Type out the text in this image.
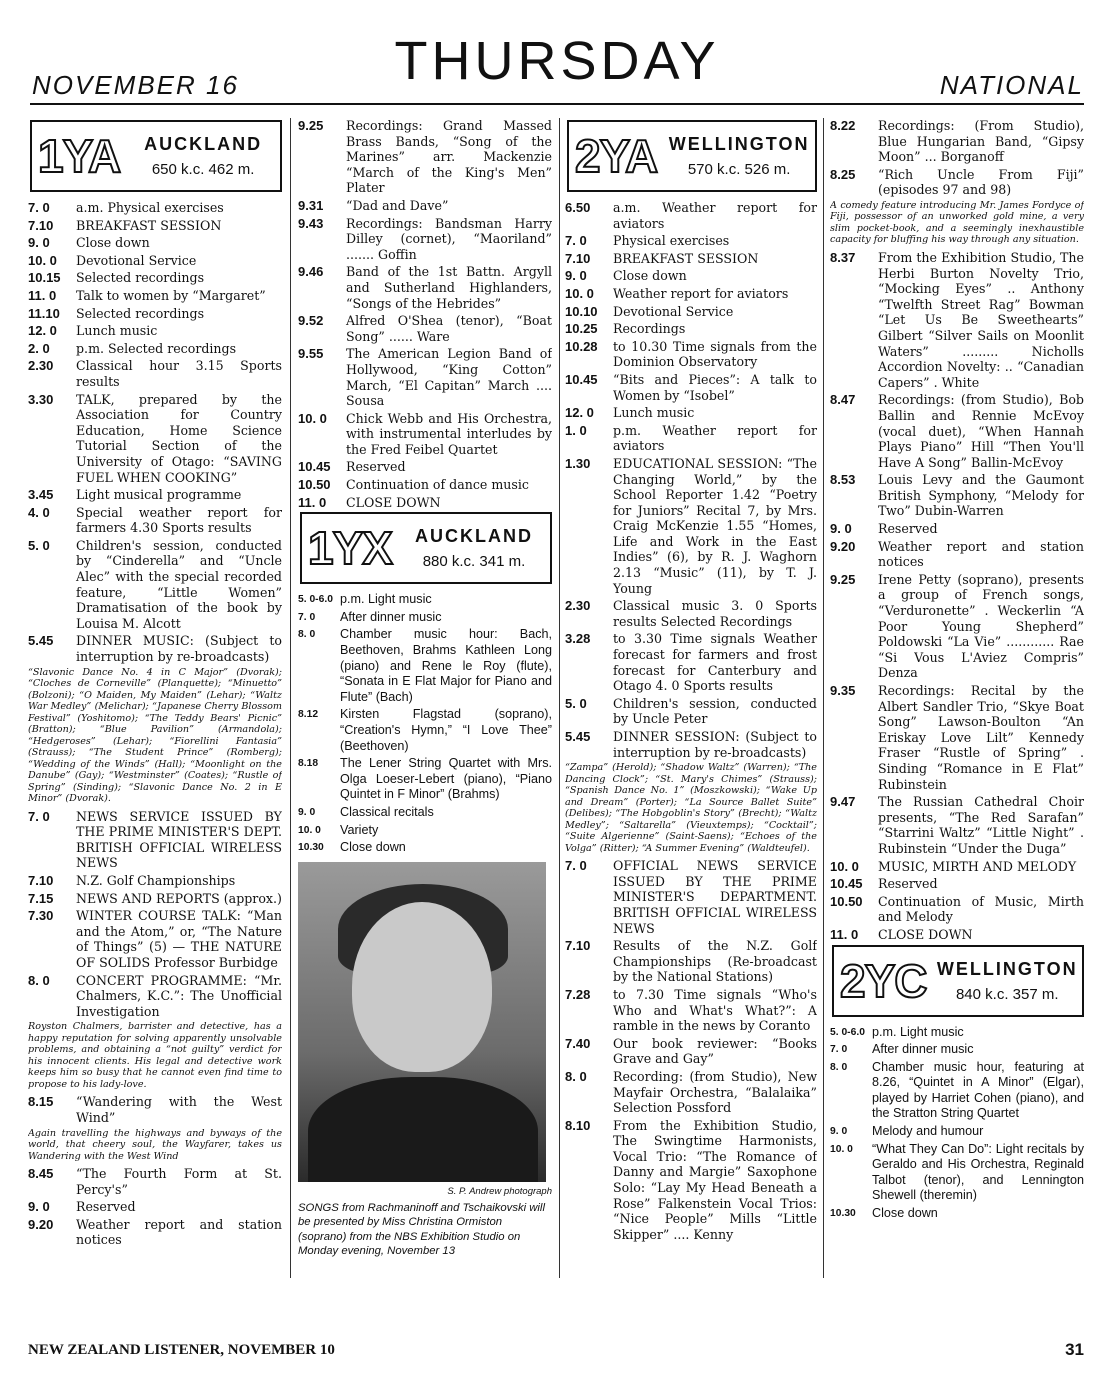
NOVEMBER 16	THURSDAY	NATIONAL
1YA	AUCKLAND
650 k.c. 462 m.
7. 0	a.m. Physical exercises
7.10	BREAKFAST SESSION
9. 0	Close down
10. 0	Devotional Service
10.15	Selected recordings
11. 0	Talk to women by “Margaret”
11.10	Selected recordings
12. 0	Lunch music
2. 0	p.m. Selected recordings
2.30	Classical hour 3.15 Sports results
3.30	TALK, prepared by the Association for Country Education, Home Science Tutorial Section of the University of Otago: “SAVING FUEL WHEN COOKING”
3.45	Light musical programme
4. 0	Special weather report for farmers 4.30 Sports results
5. 0	Children's session, conducted by “Cinderella” and “Uncle Alec” with the special recorded feature, “Little Women” Dramatisation of the book by Louisa M. Alcott
5.45	DINNER MUSIC: (Subject to interruption by re-broadcasts)
“Slavonic Dance No. 4 in C Major” (Dvorak); “Cloches de Corneville” (Planquette); “Minuetto” (Bolzoni); “O Maiden, My Maiden” (Lehar); “Waltz War Medley” (Melichar); “Japanese Cherry Blossom Festival” (Yoshitomo); “The Teddy Bears' Picnic” (Bratton); “Blue Pavilion” (Armandola); “Hedgeroses” (Lehar); “Fiorellini Fantasia” (Strauss); “The Student Prince” (Romberg); “Wedding of the Winds” (Hall); “Moonlight on the Danube” (Gay); “Westminster” (Coates); “Rustle of Spring” (Sinding); “Slavonic Dance No. 2 in E Minor” (Dvorak).
7. 0	NEWS SERVICE ISSUED BY THE PRIME MINISTER'S DEPT. BRITISH OFFICIAL WIRELESS NEWS
7.10	N.Z. Golf Championships
7.15	NEWS AND REPORTS (approx.)
7.30	WINTER COURSE TALK: “Man and the Atom,” or, “The Nature of Things” (5) — THE NATURE OF SOLIDS Professor Burbidge
8. 0	CONCERT PROGRAMME: “Mr. Chalmers, K.C.”: The Unofficial Investigation
Royston Chalmers, barrister and detective, has a happy reputation for solving apparently unsolvable problems, and obtaining a “not guilty” verdict for his innocent clients. His legal and detective work keeps him so busy that he cannot even find time to propose to his lady-love.
8.15	“Wandering with the West Wind”
Again travelling the highways and byways of the world, that cheery soul, the Wayfarer, takes us Wandering with the West Wind
8.45	“The Fourth Form at St. Percy's”
9. 0	Reserved
9.20	Weather report and station notices
9.25	Recordings: Grand Massed Brass Bands, “Song of the Marines” arr. Mackenzie “March of the King's Men” Plater
9.31	“Dad and Dave”
9.43	Recordings: Bandsman Harry Dilley (cornet), “Maoriland” ....... Goffin
9.46	Band of the 1st Battn. Argyll and Sutherland Highlanders, “Songs of the Hebrides”
9.52	Alfred O'Shea (tenor), “Boat Song” ...... Ware
9.55	The American Legion Band of Hollywood, “King Cotton” March, “El Capitan” March .... Sousa
10. 0	Chick Webb and His Orchestra, with instrumental interludes by the Fred Feibel Quartet
10.45	Reserved
10.50	Continuation of dance music
11. 0	CLOSE DOWN
1YX	AUCKLAND
880 k.c. 341 m.
5. 0-6.0 p.m. Light music
7. 0	After dinner music
8. 0	Chamber music hour: Bach, Beethoven, Brahms Kathleen Long (piano) and Rene le Roy (flute), “Sonata in E Flat Major for Piano and Flute” (Bach)
8.12	Kirsten Flagstad (soprano), “Creation's Hymn,” “I Love Thee” (Beethoven)
8.18	The Lener String Quartet with Mrs. Olga Loeser-Lebert (piano), “Piano Quintet in F Minor” (Brahms)
9. 0	Classical recitals
10. 0	Variety
10.30	Close down
S. P. Andrew photograph
SONGS from Rachmaninoff and Tschaikovski will be presented by Miss Christina Ormiston (soprano) from the NBS Exhibition Studio on Monday evening, November 13
2YA WELLINGTON
570 k.c. 526 m.
6.50	a.m. Weather report for aviators
7. 0	Physical exercises
7.10	BREAKFAST SESSION
9. 0	Close down
10. 0	Weather report for aviators
10.10	Devotional Service
10.25	Recordings
10.28	to 10.30 Time signals from the Dominion Observatory
10.45	“Bits and Pieces”: A talk to Women by “Isobel”
12. 0	Lunch music
1. 0	p.m. Weather report for aviators
1.30	EDUCATIONAL SESSION: “The Changing World,” by the School Reporter 1.42 “Poetry for Juniors” Recital 7, by Mrs. Craig McKenzie 1.55 “Homes, Life and Work in the East Indies” (6), by R. J. Waghorn 2.13 “Music” (11), by T. J. Young
2.30	Classical music 3. 0 Sports results Selected Recordings
3.28	to 3.30 Time signals Weather forecast for farmers and frost forecast for Canterbury and Otago 4. 0 Sports results
5. 0	Children's session, conducted by Uncle Peter
5.45	DINNER SESSION: (Subject to interruption by re-broadcasts)
“Zampa” (Herold); “Shadow Waltz” (Warren); “The Dancing Clock”; “St. Mary's Chimes” (Strauss); “Spanish Dance No. 1” (Moszkowski); “Wake Up and Dream” (Porter); “La Source Ballet Suite” (Delibes); “The Hobgoblin's Story” (Brecht); “Waltz Medley”; “Saltarella” (Vieuxtemps); “Cocktail”; “Suite Algerienne” (Saint-Saens); “Echoes of the Volga” (Ritter); “A Summer Evening” (Waldteufel).
7. 0	OFFICIAL NEWS SERVICE ISSUED BY THE PRIME MINISTER'S DEPARTMENT. BRITISH OFFICIAL WIRELESS NEWS
7.10	Results of the N.Z. Golf Championships (Re-broadcast by the National Stations)
7.28	to 7.30 Time signals “Who's Who and What's What?”: A ramble in the news by Coranto
7.40	Our book reviewer: “Books Grave and Gay”
8. 0	Recording: (from Studio), New Mayfair Orchestra, “Balalaika” Selection Possford
8.10	From the Exhibition Studio, The Swingtime Harmonists, Vocal Trio: “The Romance of Danny and Margie” Saxophone Solo: “Lay My Head Beneath a Rose” Falkenstein Vocal Trios: “Nice People” Mills “Little Skipper” .... Kenny
8.22	Recordings: (From Studio), Blue Hungarian Band, “Gipsy Moon” ... Borganoff
8.25	“Rich Uncle From Fiji” (episodes 97 and 98)
A comedy feature introducing Mr. James Fordyce of Fiji, possessor of an unworked gold mine, a very slim pocket-book, and a seemingly inexhaustible capacity for bluffing his way through any situation.
8.37	From the Exhibition Studio, The Herbi Burton Novelty Trio, “Mocking Eyes” .. Anthony “Twelfth Street Rag” Bowman “Let Us Be Sweethearts” Gilbert “Silver Sails on Moonlit Waters” ......... Nicholls Accordion Novelty: .. “Canadian Capers” . White
8.47	Recordings: (from Studio), Bob Ballin and Rennie McEvoy (vocal duet), “When Hannah Plays Piano” Hill “Then You'll Have A Song” Ballin-McEvoy
8.53	Louis Levy and the Gaumont British Symphony, “Melody for Two” Dubin-Warren
9. 0	Reserved
9.20	Weather report and station notices
9.25	Irene Petty (soprano), presents a group of French songs, “Verduronette” . Weckerlin “A Poor Young Shepherd” Poldowski “La Vie” ............ Rae “Si Vous L'Aviez Compris” Denza
9.35	Recordings: Recital by the Albert Sandler Trio, “Skye Boat Song” Lawson-Boulton “An Eriskay Love Lilt” Kennedy Fraser “Rustle of Spring” . Sinding “Romance in E Flat” Rubinstein
9.47	The Russian Cathedral Choir presents, “The Red Sarafan” “Starrini Waltz” “Little Night” . Rubinstein “Under the Duga”
10. 0	MUSIC, MIRTH AND MELODY
10.45	Reserved
10.50	Continuation of Music, Mirth and Melody
11. 0	CLOSE DOWN
2YC WELLINGTON
840 k.c. 357 m.
5. 0-6.0 p.m. Light music
7. 0	After dinner music
8. 0	Chamber music hour, featuring at 8.26, “Quintet in A Minor” (Elgar), played by Harriet Cohen (piano), and the Stratton String Quartet
9. 0	Melody and humour
10. 0	“What They Can Do”: Light recitals by Geraldo and His Orchestra, Reginald Talbot (tenor), and Lennington Shewell (theremin)
10.30	Close down
NEW ZEALAND LISTENER, NOVEMBER 10	31
